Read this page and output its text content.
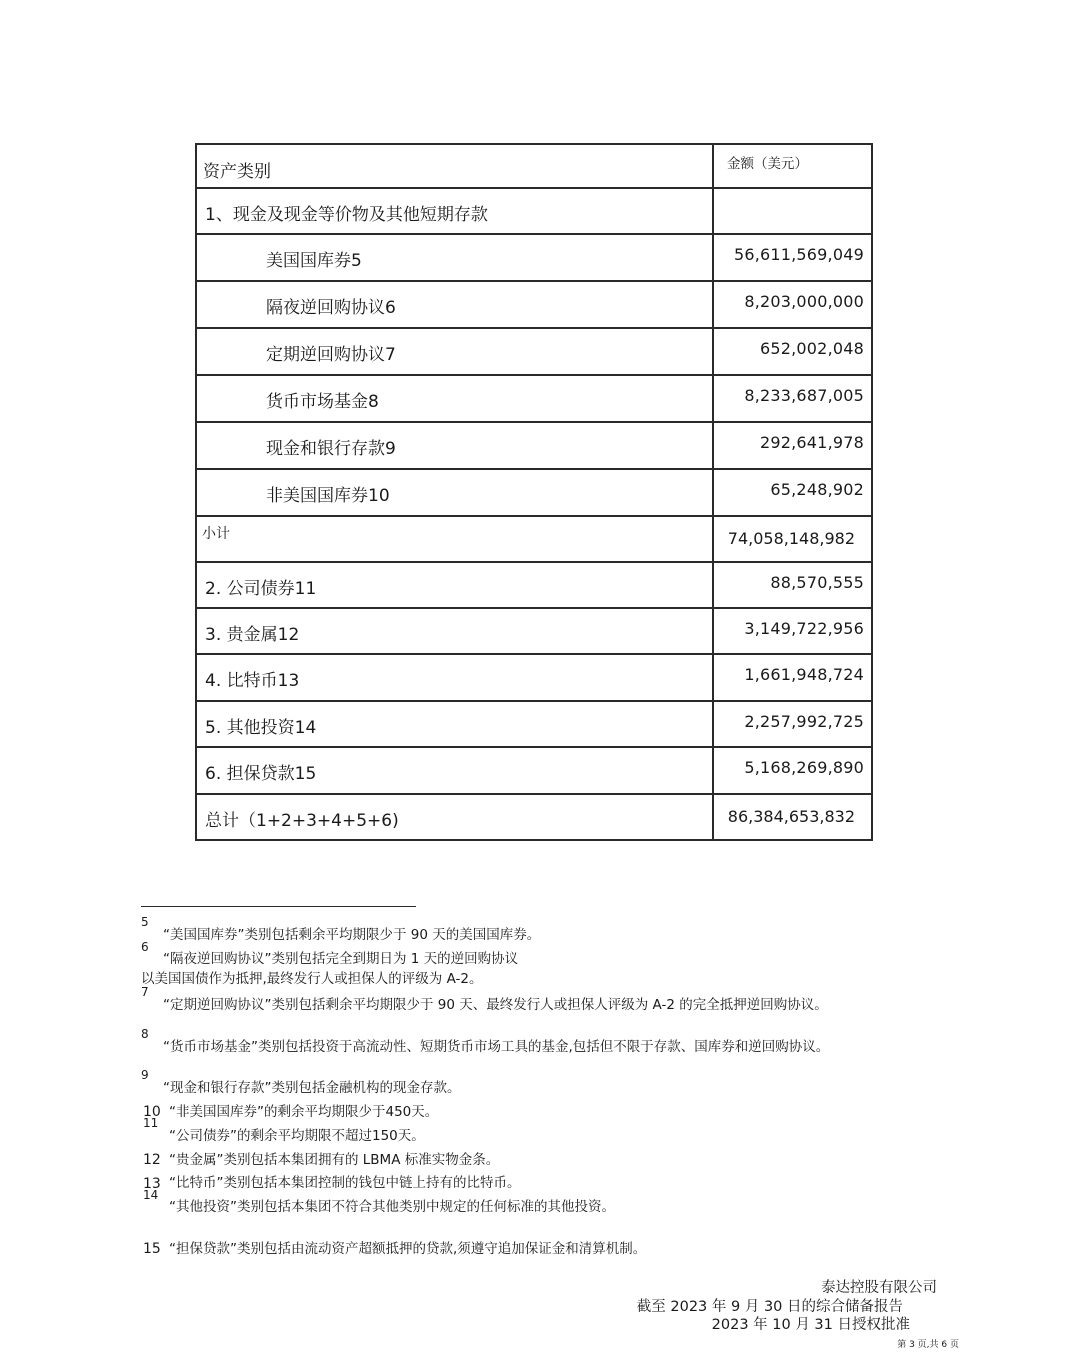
资产类别	金额（美元）

1、现金及现金等价物及其他短期存款	

美国国库券5	56,611,569,049

隔夜逆回购协议6	8,203,000,000

定期逆回购协议7	652,002,048

货币市场基金8	8,233,687,005

现金和银行存款9	292,641,978

非美国国库券10	65,248,902

小计	74,058,148,982

2. 公司债券11	88,570,555

3. 贵金属12	3,149,722,956

4. 比特币13	1,661,948,724

5. 其他投资14	2,257,992,725

6. 担保贷款15	5,168,269,890

总计（1+2+3+4+5+6)	86,384,653,832
5
“美国国库券”类别包括剩余平均期限少于 90 天的美国国库券。
6
“隔夜逆回购协议”类别包括完全到期日为 1 天的逆回购协议
以美国国债作为抵押,最终发行人或担保人的评级为 A-2。
7
“定期逆回购协议”类别包括剩余平均期限少于 90 天、最终发行人或担保人评级为 A-2 的完全抵押逆回购协议。
8
“货币市场基金”类别包括投资于高流动性、短期货币市场工具的基金,包括但不限于存款、国库券和逆回购协议。
9
“现金和银行存款”类别包括金融机构的现金存款。
10 “非美国国库券”的剩余平均期限少于450天。
11
“公司债券”的剩余平均期限不超过150天。
12 “贵金属”类别包括本集团拥有的 LBMA 标准实物金条。
13 “比特币”类别包括本集团控制的钱包中链上持有的比特币。
14
“其他投资”类别包括本集团不符合其他类别中规定的任何标准的其他投资。
15 “担保贷款”类别包括由流动资产超额抵押的贷款,须遵守追加保证金和清算机制。
泰达控股有限公司
截至 2023 年 9 月 30 日的综合储备报告
2023 年 10 月 31 日授权批准
第 3 页,共 6 页
